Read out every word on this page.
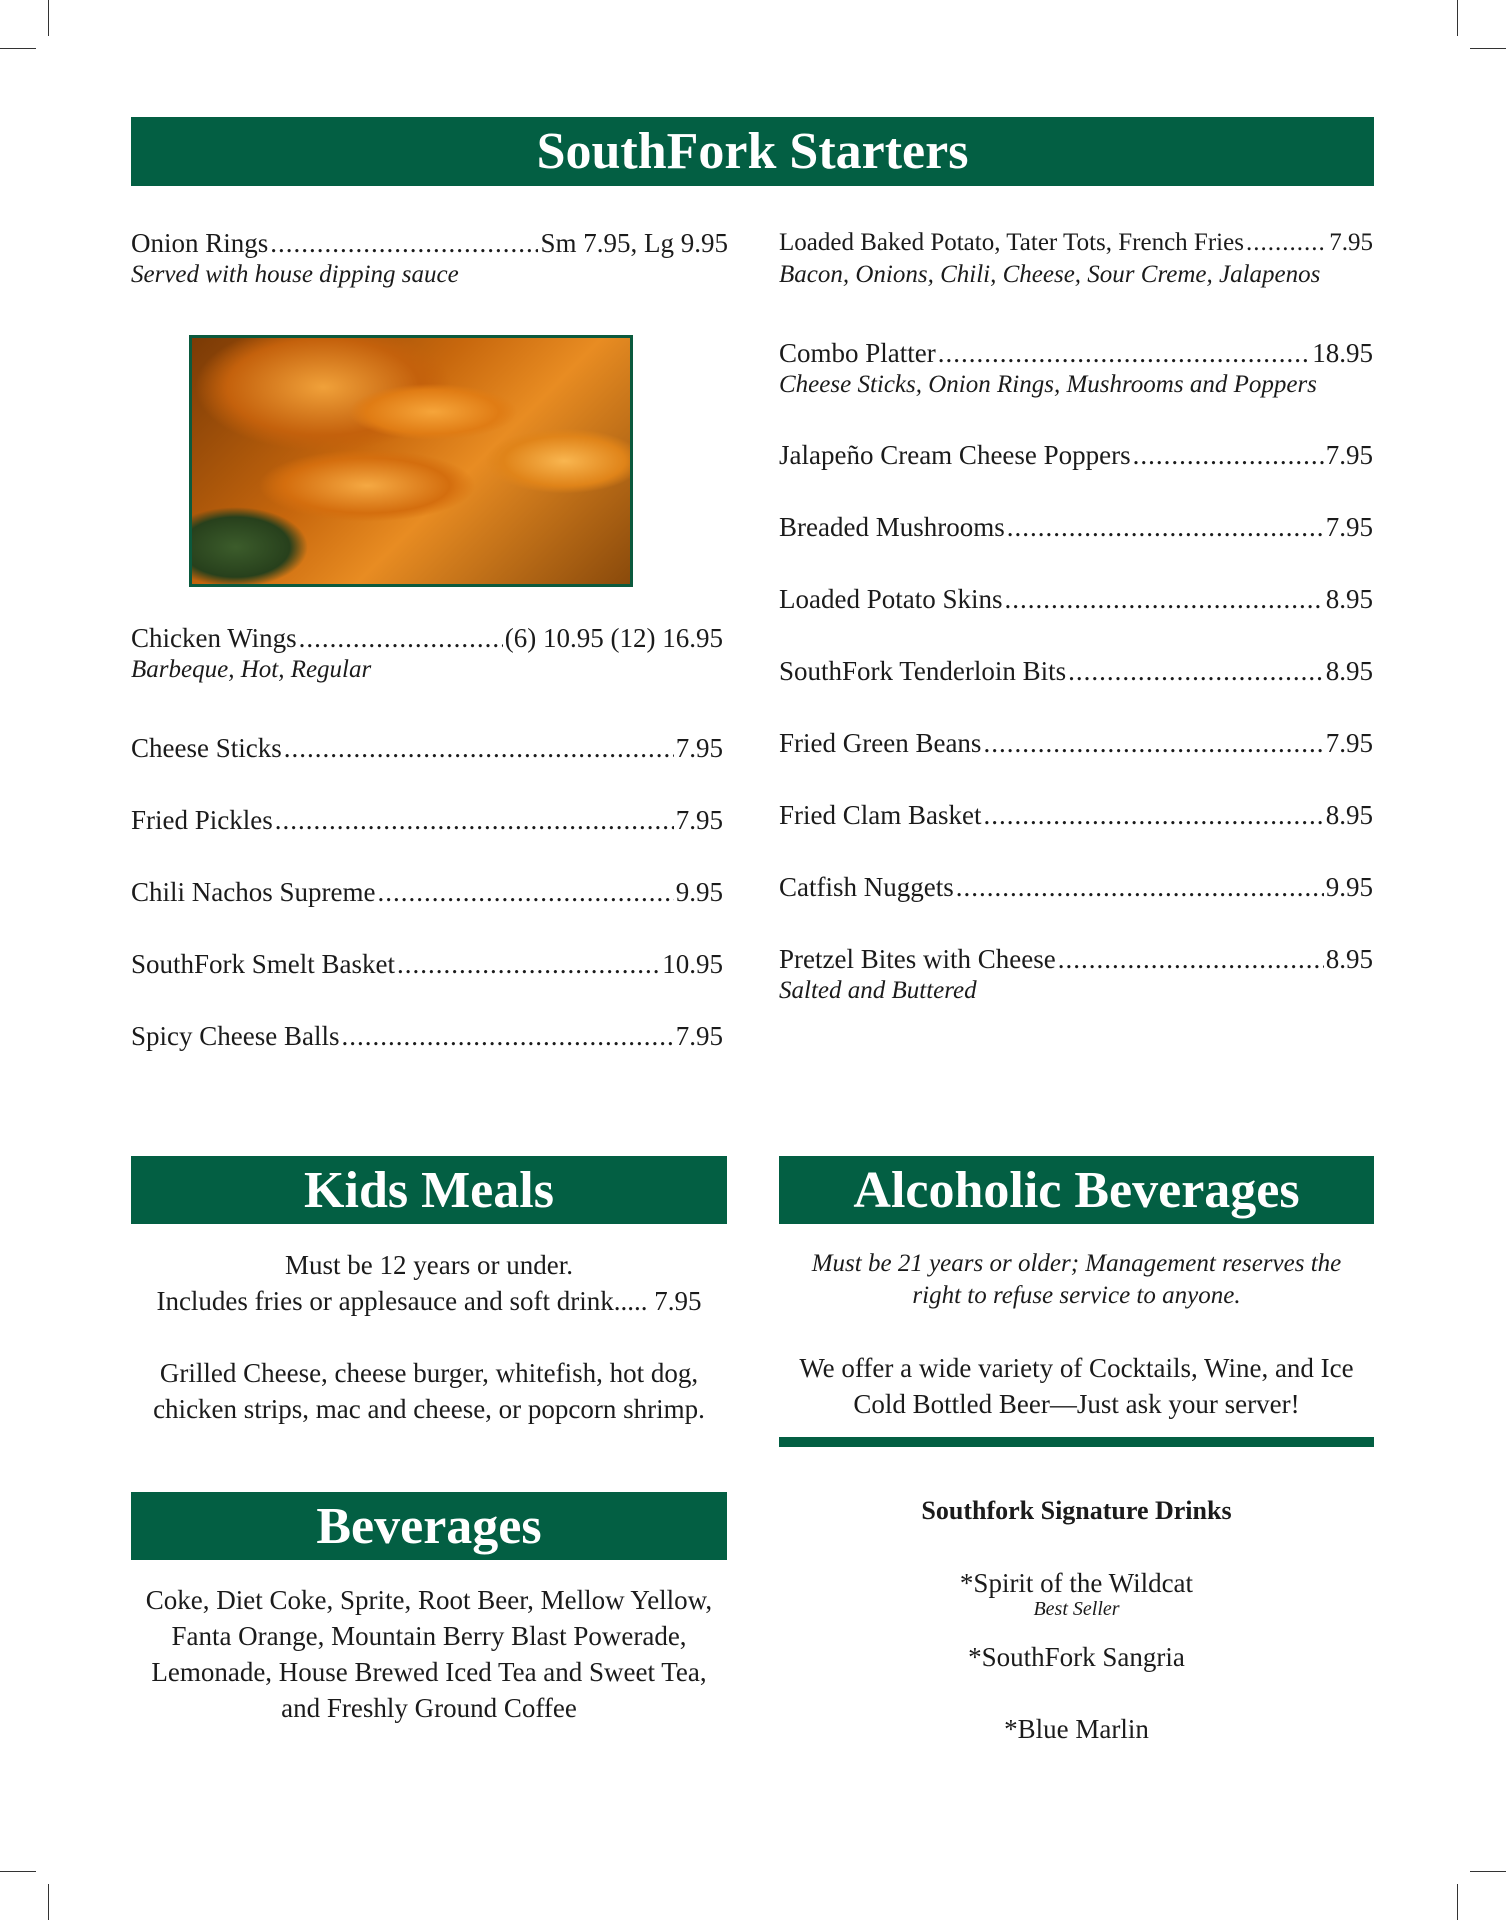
SouthFork Starters
Onion Rings .....	Sm 7.95, Lg 9.95
Served with house dipping sauce
Chicken Wings .....	(6) 10.95 (12) 16.95
Barbeque, Hot, Regular
Cheese Sticks .....	7.95
Fried Pickles .....	7.95
Chili Nachos Supreme .....	9.95
SouthFork Smelt Basket .....	10.95
Spicy Cheese Balls .....	7.95
Loaded Baked Potato, Tater Tots, French Fries .....	7.95
Bacon, Onions, Chili, Cheese, Sour Creme, Jalapenos
Combo Platter .....	18.95
Cheese Sticks, Onion Rings, Mushrooms and Poppers
Jalapeño Cream Cheese Poppers .....	7.95
Breaded Mushrooms .....	7.95
Loaded Potato Skins .....	8.95
SouthFork Tenderloin Bits .....	8.95
Fried Green Beans .....	7.95
Fried Clam Basket .....	8.95
Catfish Nuggets .....	9.95
Pretzel Bites with Cheese .....	8.95
Salted and Buttered
Kids Meals
Must be 12 years or under.
Includes fries or applesauce and soft drink..... 7.95
Grilled Cheese, cheese burger, whitefish, hot dog, chicken strips, mac and cheese, or popcorn shrimp.
Beverages
Coke, Diet Coke, Sprite, Root Beer, Mellow Yellow, Fanta Orange, Mountain Berry Blast Powerade, Lemonade, House Brewed Iced Tea and Sweet Tea, and Freshly Ground Coffee
Alcoholic Beverages
Must be 21 years or older; Management reserves the right to refuse service to anyone.
We offer a wide variety of Cocktails, Wine, and Ice Cold Bottled Beer—Just ask your server!
Southfork Signature Drinks
*Spirit of the Wildcat
Best Seller
*SouthFork Sangria
*Blue Marlin
